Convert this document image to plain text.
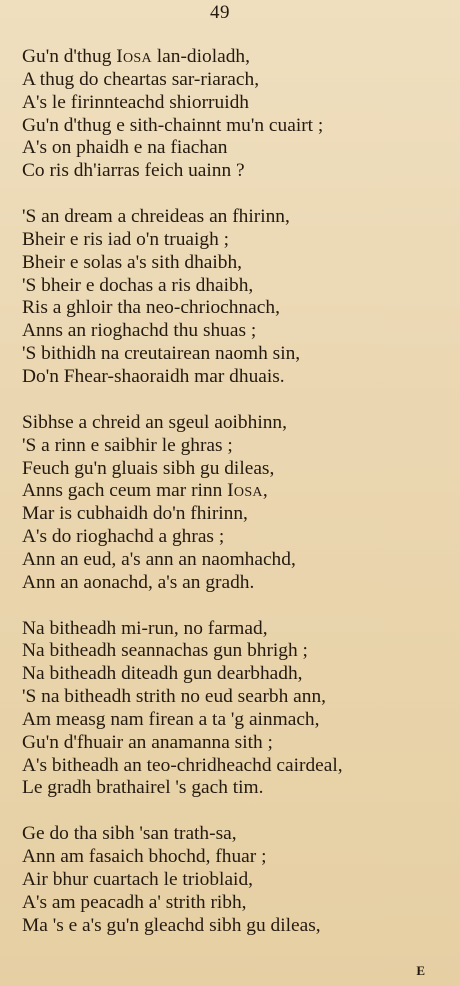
49
Gu'n d'thug Iosa lan-dioladh,
A thug do cheartas sar-riarach,
A's le firinnteachd shiorruidh
Gu'n d'thug e sith-chainnt mu'n cuairt ;
A's on phaidh e na fiachan
Co ris dh'iarras feich uainn ?
'S an dream a chreideas an fhirinn,
Bheir e ris iad o'n truaigh ;
Bheir e solas a's sith dhaibh,
'S bheir e dochas a ris dhaibh,
Ris a ghloir tha neo-chriochnach,
Anns an rioghachd thu shuas ;
'S bithidh na creutairean naomh sin,
Do'n Fhear-shaoraidh mar dhuais.
Sibhse a chreid an sgeul aoibhinn,
'S a rinn e saibhir le ghras ;
Feuch gu'n gluais sibh gu dileas,
Anns gach ceum mar rinn Iosa,
Mar is cubhaidh do'n fhirinn,
A's do rioghachd a ghras ;
Ann an eud, a's ann an naomhachd,
Ann an aonachd, a's an gradh.
Na bitheadh mi-run, no farmad,
Na bitheadh seannachas gun bhrigh ;
Na bitheadh diteadh gun dearbhadh,
'S na bitheadh strith no eud searbh ann,
Am measg nam firean a ta 'g ainmach,
Gu'n d'fhuair an anamanna sith ;
A's bitheadh an teo-chridheachd cairdeal,
Le gradh brathairel 's gach tim.
Ge do tha sibh 'san trath-sa,
Ann am fasaich bhochd, fhuar ;
Air bhur cuartach le trioblaid,
A's am peacadh a' strith ribh,
Ma 's e a's gu'n gleachd sibh gu dileas,
E
